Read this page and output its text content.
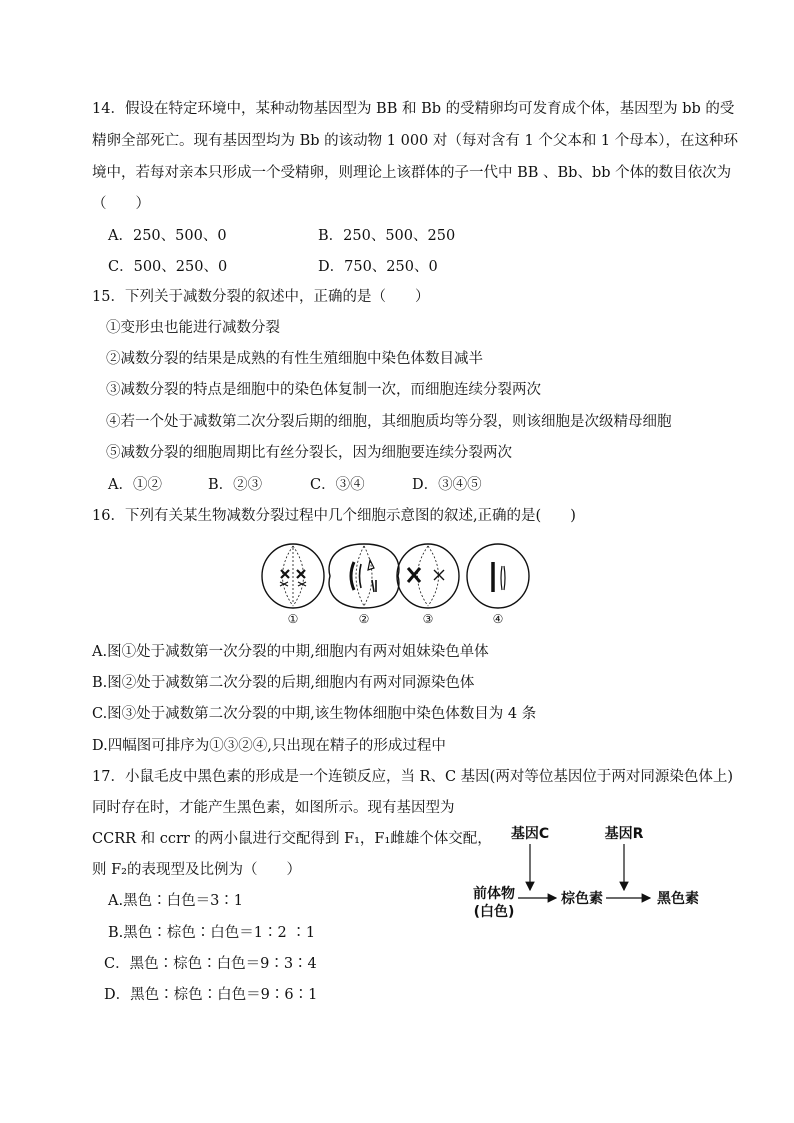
14．假设在特定环境中，某种动物基因型为 BB 和 Bb 的受精卵均可发育成个体，基因型为 bb 的受
精卵全部死亡。现有基因型均为 Bb 的该动物 1 000 对（每对含有 1 个父本和 1 个母本），在这种环
境中，若每对亲本只形成一个受精卵，则理论上该群体的子一代中 BB 、Bb、bb 个体的数目依次为
（　　）
A．250、500、0	B．250、500、250
C．500、250、0	D．750、250、0
15．下列关于减数分裂的叙述中，正确的是（　　）
①变形虫也能进行减数分裂
②减数分裂的结果是成熟的有性生殖细胞中染色体数目减半
③减数分裂的特点是细胞中的染色体复制一次，而细胞连续分裂两次
④若一个处于减数第二次分裂后期的细胞，其细胞质均等分裂，则该细胞是次级精母细胞
⑤减数分裂的细胞周期比有丝分裂长，因为细胞要连续分裂两次
A．①②	B．②③	C．③④	D．③④⑤
16．下列有关某生物减数分裂过程中几个细胞示意图的叙述,正确的是(　　)
①	②	③	④
A.图①处于减数第一次分裂的中期,细胞内有两对姐妹染色单体
B.图②处于减数第二次分裂的后期,细胞内有两对同源染色体
C.图③处于减数第二次分裂的中期,该生物体细胞中染色体数目为 4 条
D.四幅图可排序为①③②④,只出现在精子的形成过程中
17．小鼠毛皮中黑色素的形成是一个连锁反应，当 R、C 基因(两对等位基因位于两对同源染色体上)
同时存在时，才能产生黑色素，如图所示。现有基因型为
CCRR 和 ccrr 的两小鼠进行交配得到 F₁，F₁雌雄个体交配，
则 F₂的表现型及比例为（　　）
A.黑色∶白色＝3∶1
B.黑色∶棕色∶白色＝1∶2 ∶1
C．黑色∶棕色∶白色＝9∶3∶4
D．黑色∶棕色∶白色＝9∶6∶1
基因C	基因R
前体物
(白色)
棕色素	黑色素
